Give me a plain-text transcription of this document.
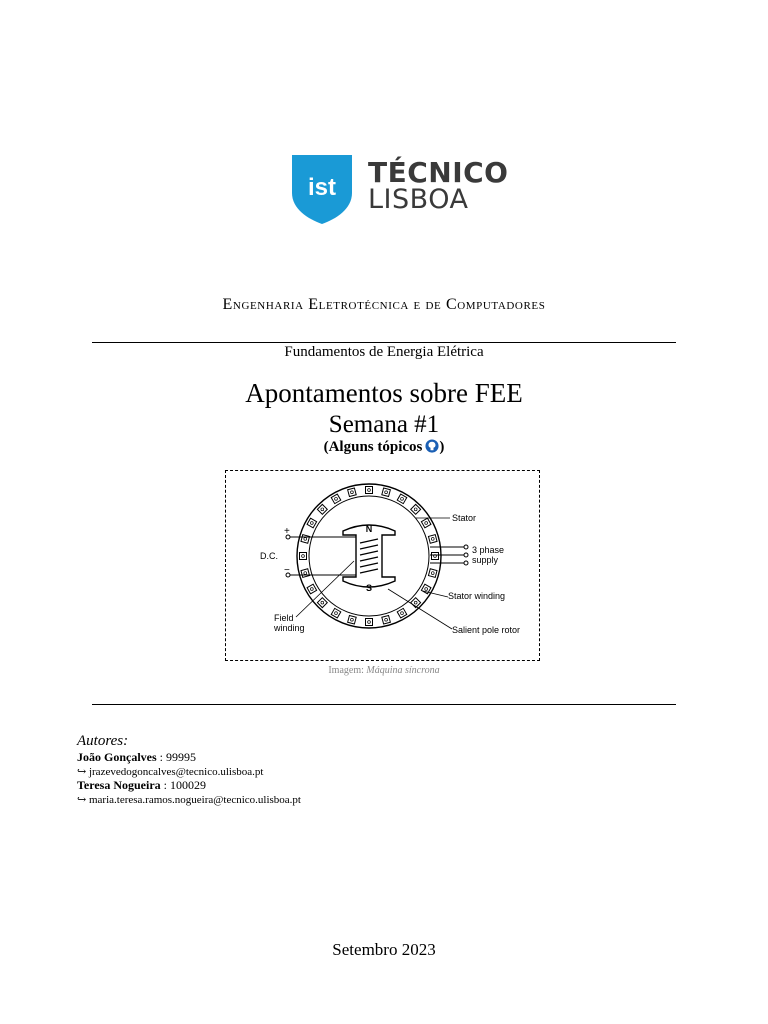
ist TÉCNICO
LISBOA
Engenharia Eletrotécnica e de Computadores
Fundamentos de Energia Elétrica
Apontamentos sobre FEE
Semana #1
(Alguns tópicos )
N
S
+
−
D.C.
3 phase
supply
Stator
Stator winding
Field
winding	Salient pole rotor
Imagem: Máquina síncrona
Autores:
João Gonçalves : 99995
↪ jrazevedogoncalves@tecnico.ulisboa.pt
Teresa Nogueira : 100029
↪ maria.teresa.ramos.nogueira@tecnico.ulisboa.pt
Setembro 2023
